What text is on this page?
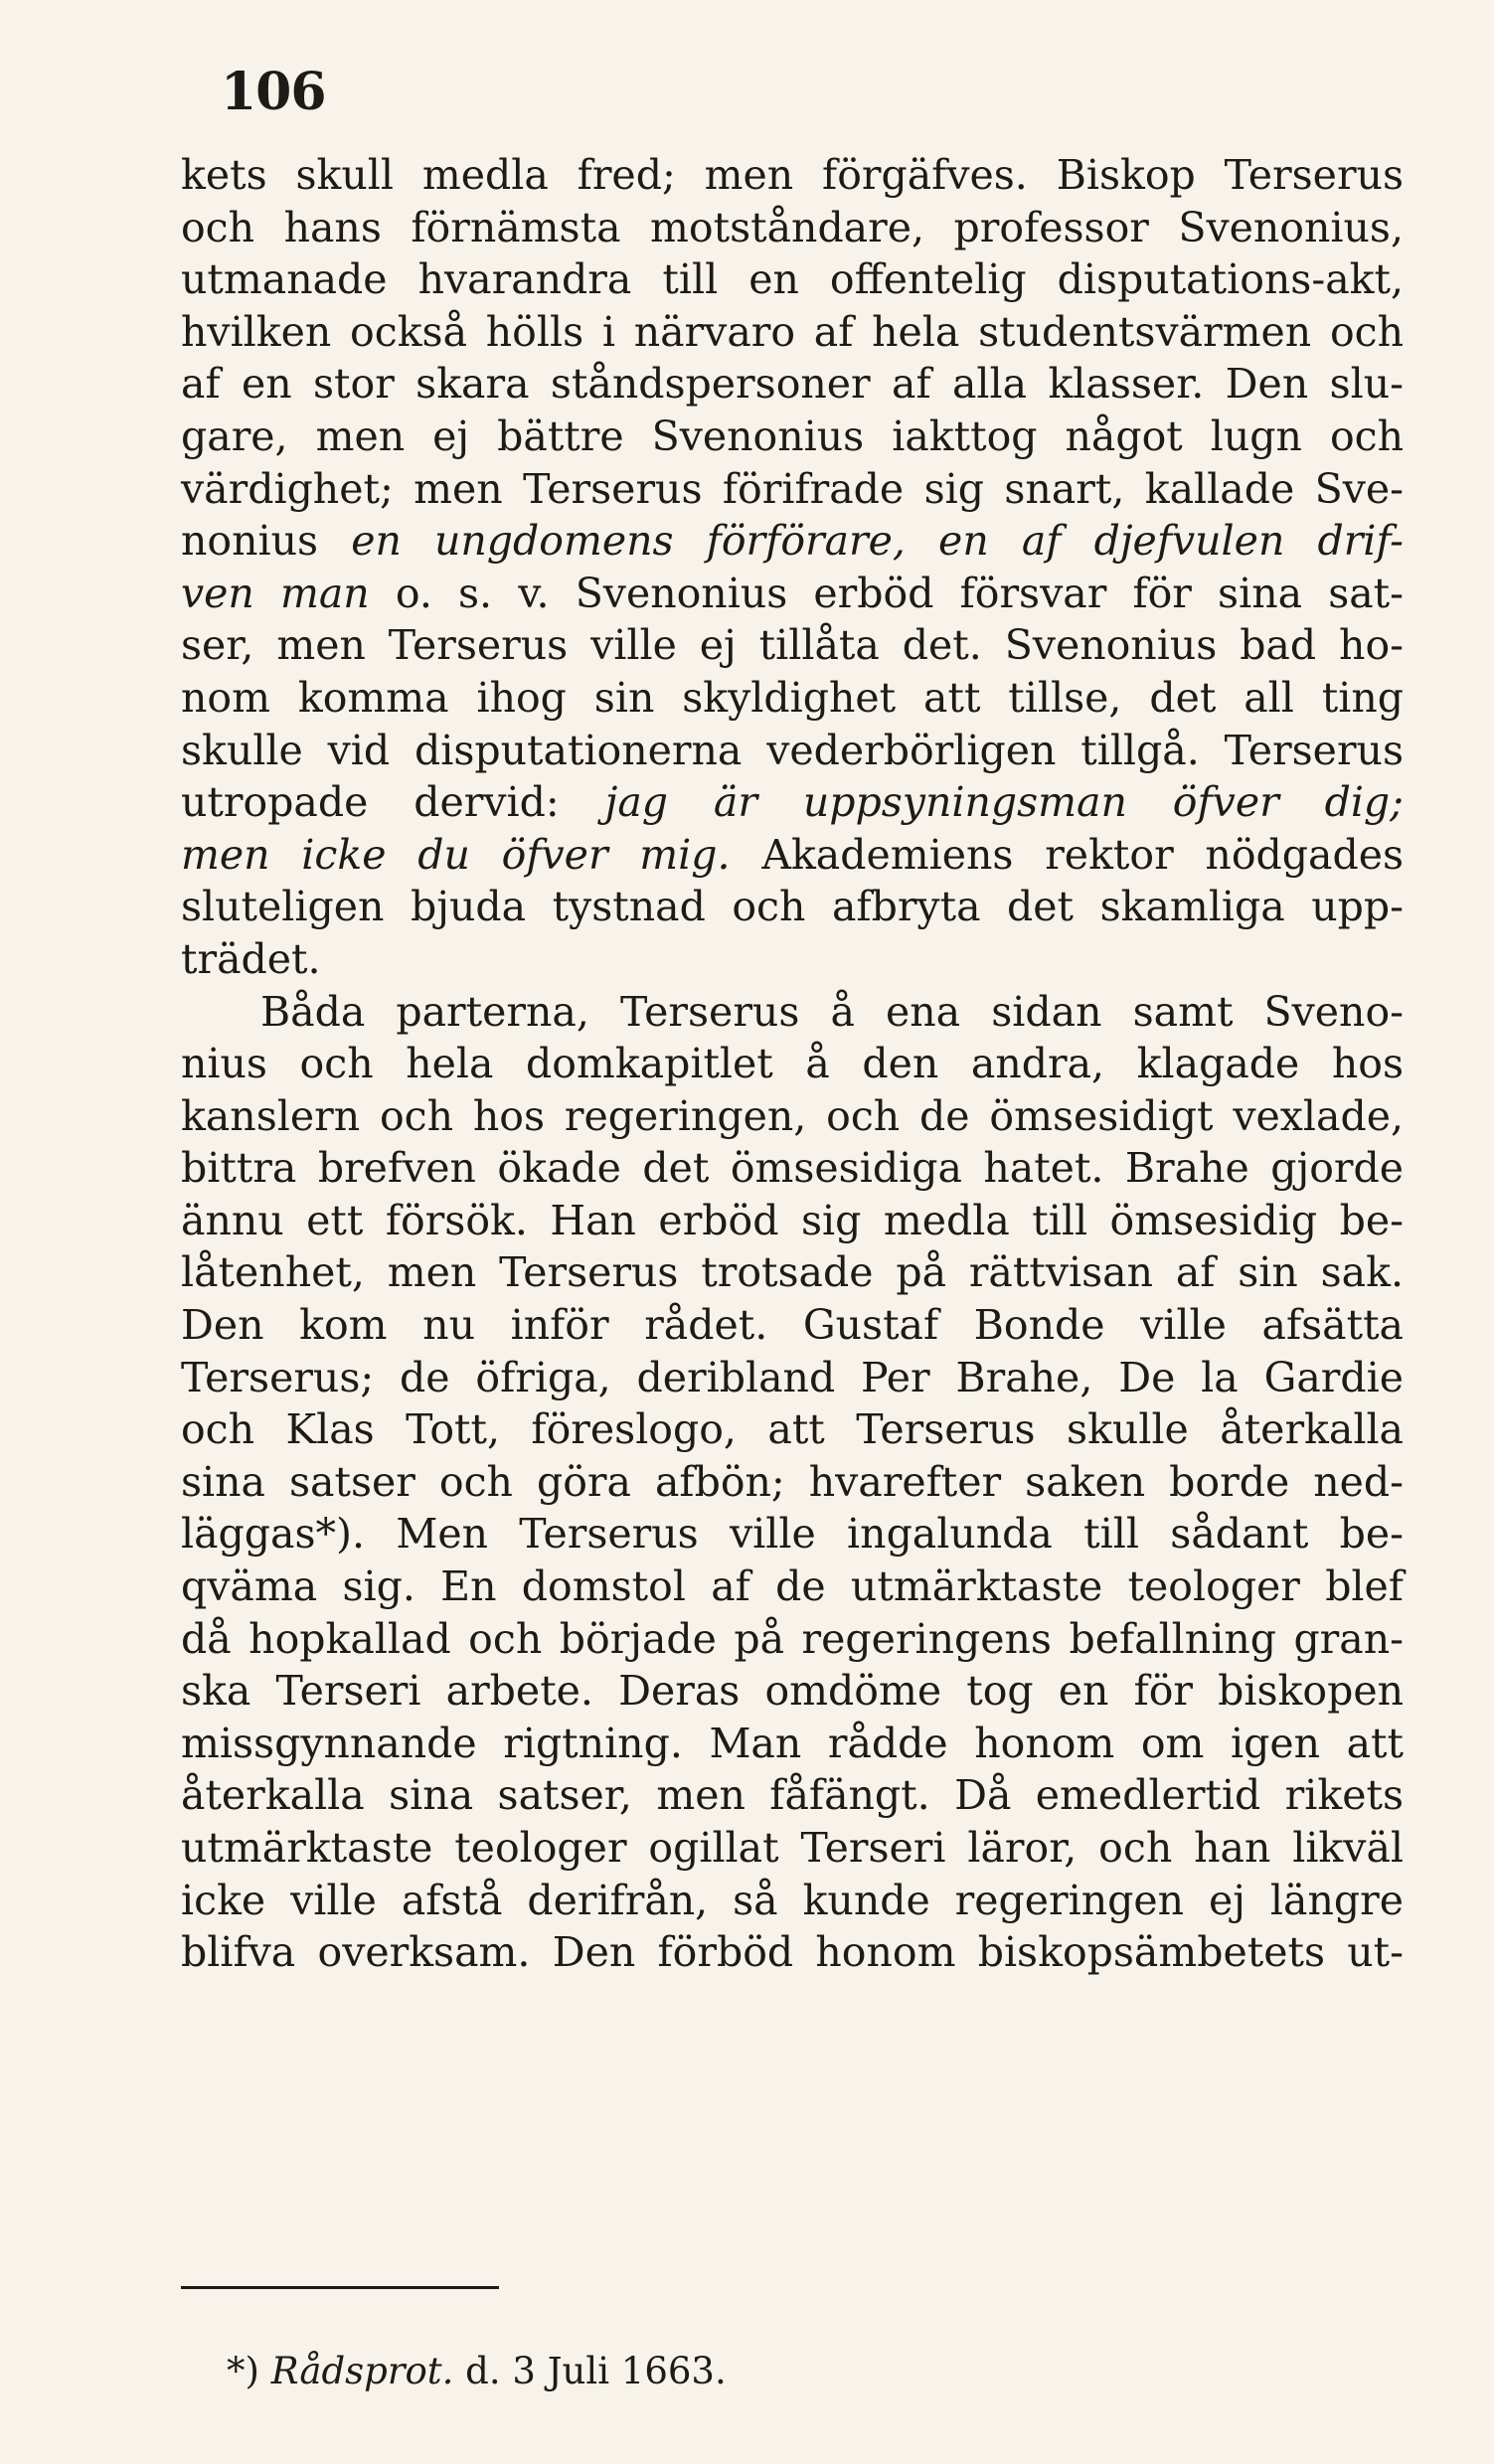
106
kets skull medla fred; men förgäfves. Biskop Terserus
och hans förnämsta motståndare, professor Svenonius,
utmanade hvarandra till en offentelig disputations-akt,
hvilken också hölls i närvaro af hela studentsvärmen och
af en stor skara ståndspersoner af alla klasser. Den slu-
gare, men ej bättre Svenonius iakttog något lugn och
värdighet; men Terserus förifrade sig snart, kallade Sve-
nonius en ungdomens förförare, en af djefvulen drif-
ven man o. s. v. Svenonius erböd försvar för sina sat-
ser, men Terserus ville ej tillåta det. Svenonius bad ho-
nom komma ihog sin skyldighet att tillse, det all ting
skulle vid disputationerna vederbörligen tillgå. Terserus
utropade dervid: jag är uppsyningsman öfver dig;
men icke du öfver mig. Akademiens rektor nödgades
sluteligen bjuda tystnad och afbryta det skamliga upp-
trädet.
Båda parterna, Terserus å ena sidan samt Sveno-
nius och hela domkapitlet å den andra, klagade hos
kanslern och hos regeringen, och de ömsesidigt vexlade,
bittra brefven ökade det ömsesidiga hatet. Brahe gjorde
ännu ett försök. Han erböd sig medla till ömsesidig be-
låtenhet, men Terserus trotsade på rättvisan af sin sak.
Den kom nu inför rådet. Gustaf Bonde ville afsätta
Terserus; de öfriga, deribland Per Brahe, De la Gardie
och Klas Tott, föreslogo, att Terserus skulle återkalla
sina satser och göra afbön; hvarefter saken borde ned-
läggas*). Men Terserus ville ingalunda till sådant be-
qväma sig. En domstol af de utmärktaste teologer blef
då hopkallad och började på regeringens befallning gran-
ska Terseri arbete. Deras omdöme tog en för biskopen
missgynnande rigtning. Man rådde honom om igen att
återkalla sina satser, men fåfängt. Då emedlertid rikets
utmärktaste teologer ogillat Terseri läror, och han likväl
icke ville afstå derifrån, så kunde regeringen ej längre
blifva overksam. Den förböd honom biskopsämbetets ut-
*) Rådsprot. d. 3 Juli 1663.
